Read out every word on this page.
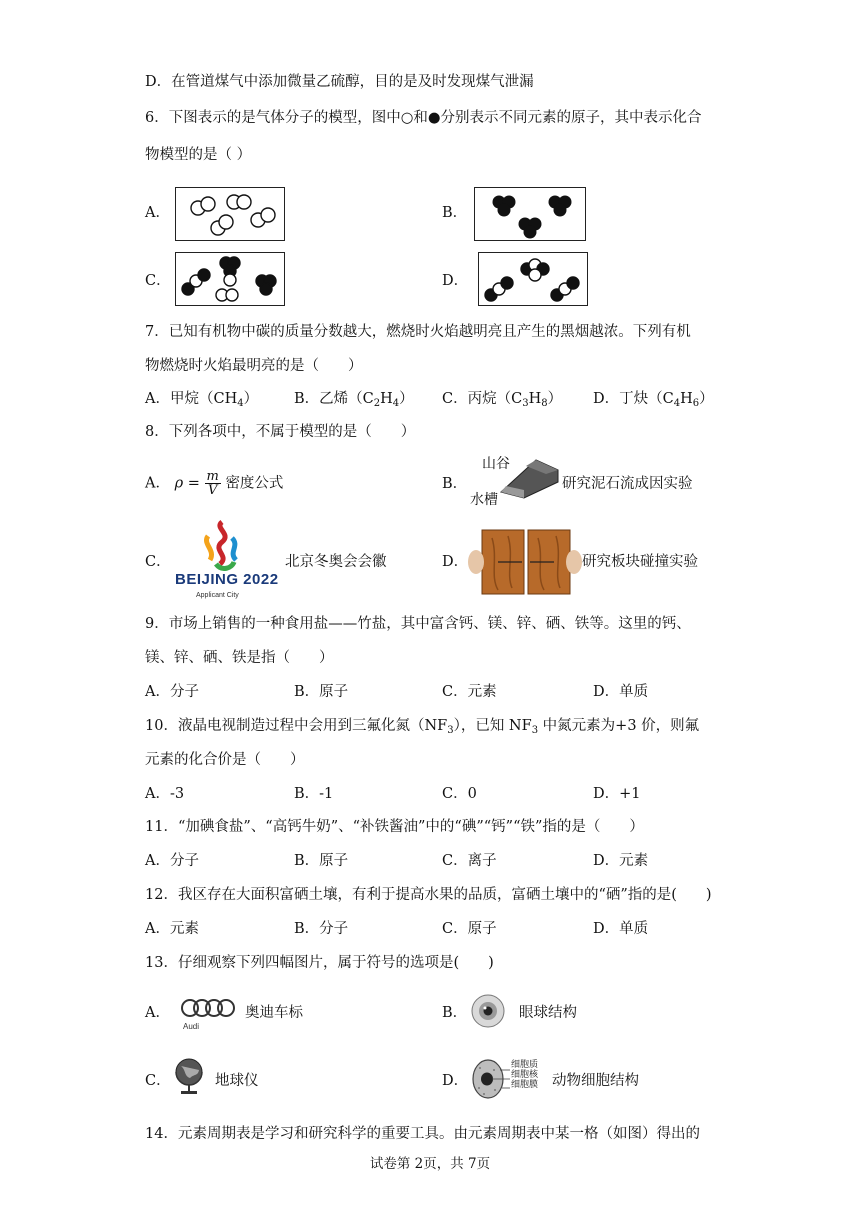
D．在管道煤气中添加微量乙硫醇，目的是及时发现煤气泄漏
6．下图表示的是气体分子的模型，图中○和●分别表示不同元素的原子，其中表示化合
物模型的是（ ）
A．	B．
C．	D．
7．已知有机物中碳的质量分数越大，燃烧时火焰越明亮且产生的黑烟越浓。下列有机
物燃烧时火焰最明亮的是（　　）
A．甲烷$(CH_4)$ B．乙烯$(C_2H_4)$ C．丙烷$(C_3H_8)$ D．丁炔$(C_4H_6)$
8．下列各项中，不属于模型的是（　　）
A． $\rho = \frac{m}{V}$ 密度公式	B．
山谷
水槽
研究泥石流成因实验
C．
BEIJING 2022
Applicant City
北京冬奥会会徽	D．	研究板块碰撞实验
9．市场上销售的一种食用盐——竹盐，其中富含钙、镁、锌、硒、铁等。这里的钙、
镁、锌、硒、铁是指（　　）
A．分子	B．原子	C．元素	D．单质
10．液晶电视制造过程中会用到三氟化氮$(NF_3)$，已知 $NF_3$ 中氮元素为+3 价，则氟
元素的化合价是（　　）
A．-3	B．-1	C．0	D．+1
11．“加碘食盐”、“高钙牛奶”、“补铁酱油”中的“碘”“钙”“铁”指的是（　　）
A．分子	B．原子	C．离子	D．元素
12．我区存在大面积富硒土壤，有利于提高水果的品质，富硒土壤中的“硒”指的是(　　)
A．元素	B．分子	C．原子	D．单质
13．仔细观察下列四幅图片，属于符号的选项是(　　)
A．
Audi
奥迪车标	B．	眼球结构
C．	地球仪	D．
细胞质
细胞核
细胞膜 动物细胞结构
14．元素周期表是学习和研究科学的重要工具。由元素周期表中某一格（如图）得出的
试卷第 2页，共 7页
